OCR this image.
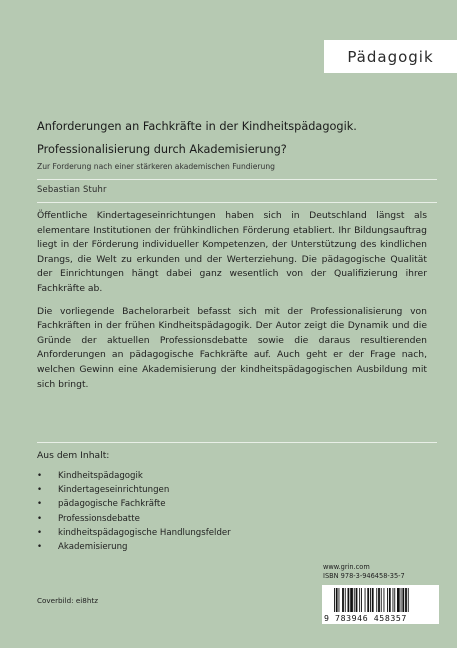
Pädagogik
Anforderungen an Fachkräfte in der Kindheitspädagogik.
Professionalisierung durch Akademisierung?
Zur Forderung nach einer stärkeren akademischen Fundierung
Sebastian Stuhr

Öffentliche Kindertageseinrichtungen haben sich in Deutschland längst als elementare Institutionen der frühkindlichen Förderung etabliert. Ihr Bildungsauftrag liegt in der Förderung individueller Kompetenzen, der Unterstützung des kindlichen Drangs, die Welt zu erkunden und der Werterziehung. Die pädagogische Qualität der Einrichtungen hängt dabei ganz wesentlich von der Qualifizierung ihrer Fachkräfte ab.

Die vorliegende Bachelorarbeit befasst sich mit der Professionalisierung von Fachkräften in der frühen Kindheitspädagogik. Der Autor zeigt die Dynamik und die Gründe der aktuellen Professionsdebatte sowie die daraus resultierenden Anforderungen an pädagogische Fachkräfte auf. Auch geht er der Frage nach, welchen Gewinn eine Akademisierung der kindheitspädagogischen Ausbildung mit sich bringt.

Aus dem Inhalt:
• Kindheitspädagogik
• Kindertageseinrichtungen
• pädagogische Fachkräfte
• Professionsdebatte
• kindheitspädagogische Handlungsfelder
• Akademisierung
www.grin.com
ISBN 978-3-946458-35-7
Coverbild: ei8htz
9 783946 458357
